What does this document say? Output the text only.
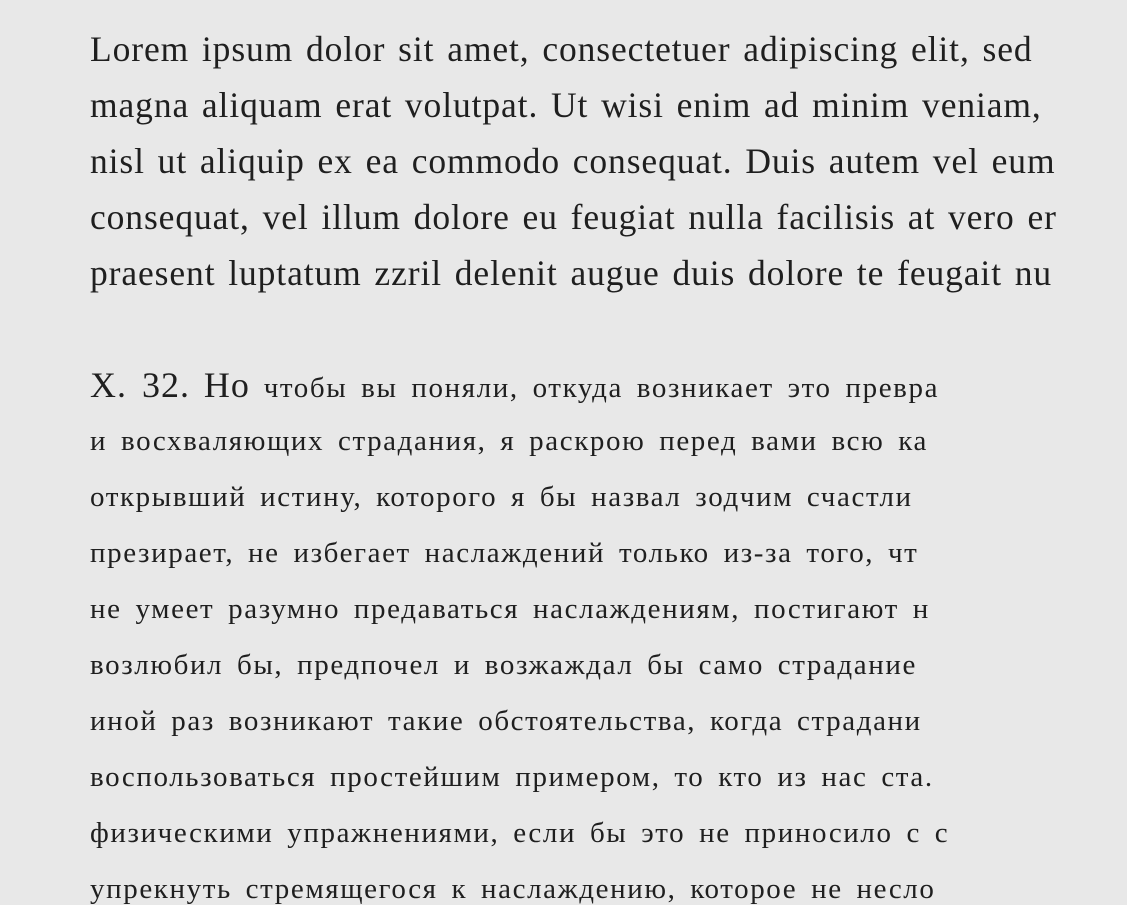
Lorem ipsum dolor sit amet, consectetuer adipiscing elit, sed
magna aliquam erat volutpat. Ut wisi enim ad minim veniam,
nisl ut aliquip ex ea commodo consequat. Duis autem vel eum
consequat, vel illum dolore eu feugiat nulla facilisis at vero er
praesent luptatum zzril delenit augue duis dolore te feugait nu
X. 32. Но чтобы вы поняли, откуда возникает это превра
и восхваляющих страдания, я раскрою перед вами всю ка
открывший истину, которого я бы назвал зодчим счастли
презирает, не избегает наслаждений только из-за того, чт
не умеет разумно предаваться наслаждениям, постигают н
возлюбил бы, предпочел и возжаждал бы само страдание
иной раз возникают такие обстоятельства, когда страдани
воспользоваться простейшим примером, то кто из нас ста.
физическими упражнениями, если бы это не приносило с с
упрекнуть стремящегося к наслаждению, которое не несло
